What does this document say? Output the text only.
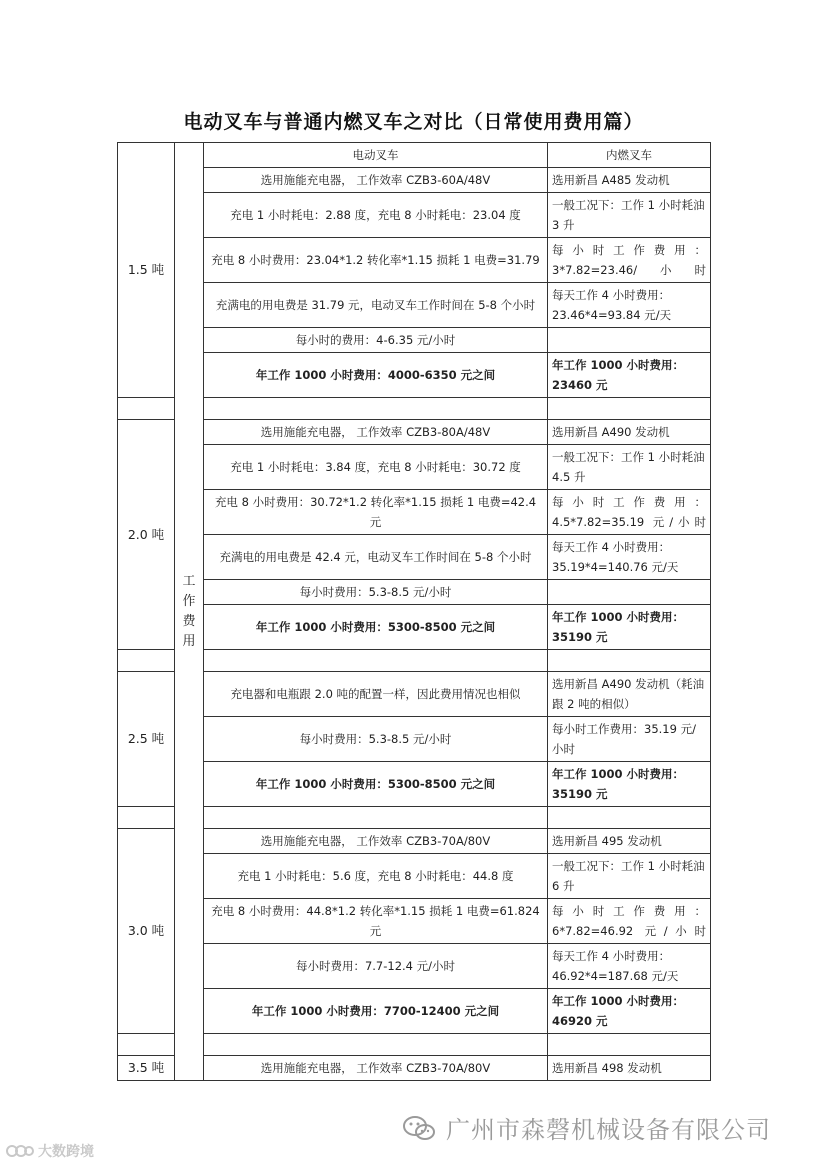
电动叉车与普通内燃叉车之对比（日常使用费用篇）
1.5 吨	工作费用	电动叉车	内燃叉车
		选用施能充电器， 工作效率 CZB3-60A/48V	选用新昌 A485 发动机
		充电 1 小时耗电：2.88 度，充电 8 小时耗电：23.04 度	一般工况下：工作 1 小时耗油 3 升
		充电 8 小时费用：23.04*1.2 转化率*1.15 损耗 1 电费=31.79	每 小 时 工 作 费 用 ： 3*7.82=23.46/小时
		充满电的用电费是 31.79 元，电动叉车工作时间在 5-8 个小时	每天工作 4 小时费用： 23.46*4=93.84 元/天
		每小时的费用：4-6.35 元/小时	
		年工作 1000 小时费用：4000-6350 元之间	年工作 1000 小时费用： 23460 元

2.0 吨		选用施能充电器， 工作效率 CZB3-80A/48V	选用新昌 A490 发动机
		充电 1 小时耗电：3.84 度，充电 8 小时耗电：30.72 度	一般工况下：工作 1 小时耗油 4.5 升
		充电 8 小时费用：30.72*1.2 转化率*1.15 损耗 1 电费=42.4 元	每 小 时 工 作 费 用 ： 4.5*7.82=35.19 元/小时
		充满电的用电费是 42.4 元，电动叉车工作时间在 5-8 个小时	每天工作 4 小时费用： 35.19*4=140.76 元/天
		每小时费用：5.3-8.5 元/小时	
		年工作 1000 小时费用：5300-8500 元之间	年工作 1000 小时费用： 35190 元

2.5 吨		充电器和电瓶跟 2.0 吨的配置一样，因此费用情况也相似	选用新昌 A490 发动机（耗油跟 2 吨的相似）
		每小时费用：5.3-8.5 元/小时	每小时工作费用：35.19 元/小时
		年工作 1000 小时费用：5300-8500 元之间	年工作 1000 小时费用： 35190 元

3.0 吨		选用施能充电器， 工作效率 CZB3-70A/80V	选用新昌 495 发动机
		充电 1 小时耗电：5.6 度，充电 8 小时耗电：44.8 度	一般工况下：工作 1 小时耗油 6 升
		充电 8 小时费用：44.8*1.2 转化率*1.15 损耗 1 电费=61.824 元	每 小 时 工 作 费 用 ： 6*7.82=46.92 元/小时
		每小时费用：7.7-12.4 元/小时	每天工作 4 小时费用： 46.92*4=187.68 元/天
		年工作 1000 小时费用：7700-12400 元之间	年工作 1000 小时费用： 46920 元

3.5 吨		选用施能充电器， 工作效率 CZB3-70A/80V	选用新昌 498 发动机
广州市森磬机械设备有限公司
大数跨境
